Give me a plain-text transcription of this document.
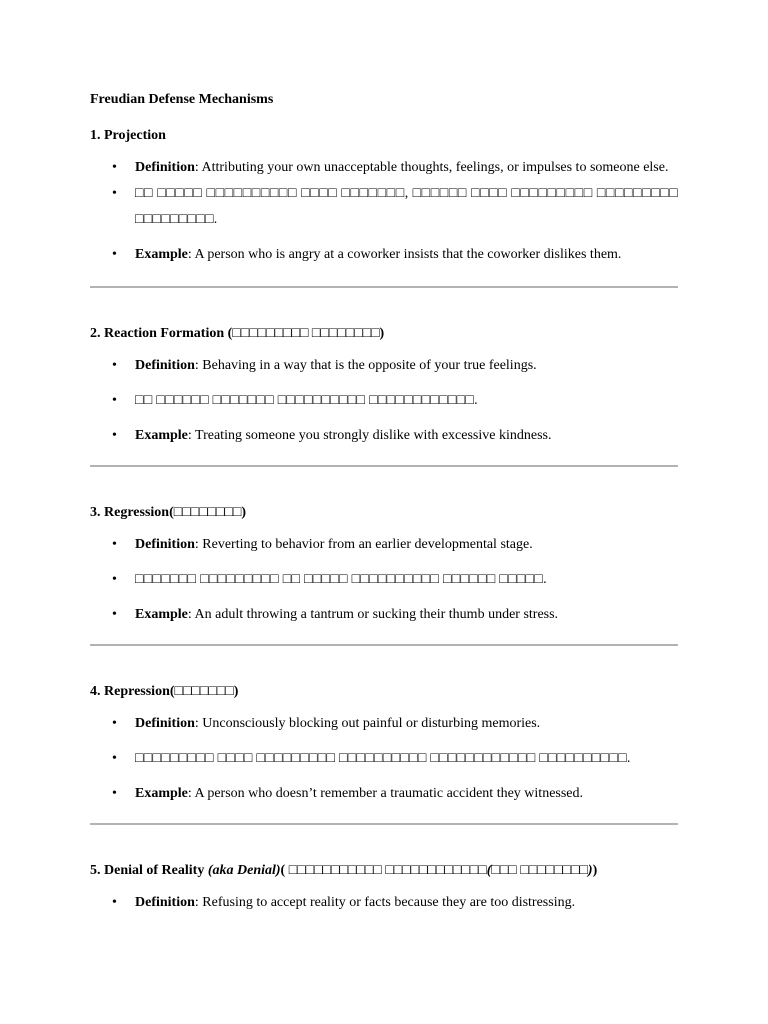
Freudian Defense Mechanisms
1. Projection
• Definition: Attributing your own unacceptable thoughts, feelings, or impulses to someone else.
• □□ □□□□□ □□□□□□□□□□ □□□□ □□□□□□□, □□□□□□ □□□□ □□□□□□□□□ □□□□□□□□□ □□□□□□□□□.
• Example: A person who is angry at a coworker insists that the coworker dislikes them.
2. Reaction Formation (□□□□□□□□□ □□□□□□□□)
• Definition: Behaving in a way that is the opposite of your true feelings.
• □□ □□□□□□ □□□□□□□ □□□□□□□□□□ □□□□□□□□□□□□.
• Example: Treating someone you strongly dislike with excessive kindness.
3. Regression(□□□□□□□□)
• Definition: Reverting to behavior from an earlier developmental stage.
• □□□□□□□ □□□□□□□□□ □□ □□□□□ □□□□□□□□□□ □□□□□□ □□□□□.
• Example: An adult throwing a tantrum or sucking their thumb under stress.
4. Repression(□□□□□□□)
• Definition: Unconsciously blocking out painful or disturbing memories.
• □□□□□□□□□ □□□□ □□□□□□□□□ □□□□□□□□□□ □□□□□□□□□□□□ □□□□□□□□□□.
• Example: A person who doesn’t remember a traumatic accident they witnessed.
5. Denial of Reality (aka Denial)( □□□□□□□□□□□ □□□□□□□□□□□□(□□□ □□□□□□□□))
• Definition: Refusing to accept reality or facts because they are too distressing.
